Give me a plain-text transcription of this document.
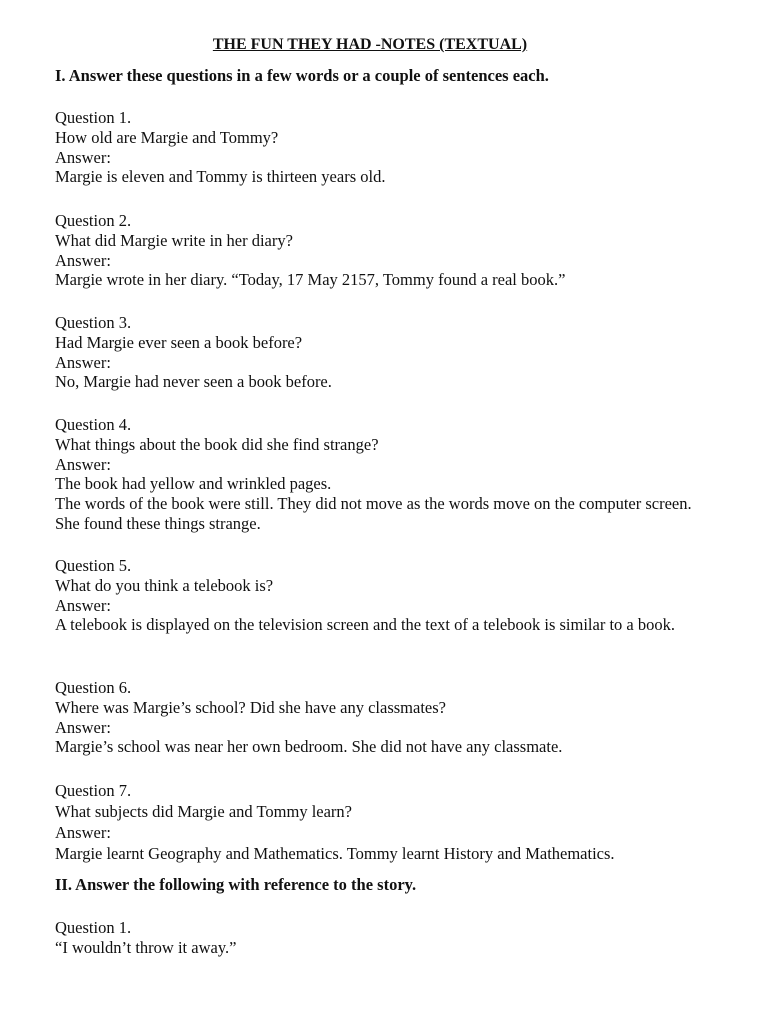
THE FUN THEY HAD -NOTES (TEXTUAL)
I. Answer these questions in a few words or a couple of sentences each.
Question 1.
How old are Margie and Tommy?
Answer:
Margie is eleven and Tommy is thirteen years old.
Question 2.
What did Margie write in her diary?
Answer:
Margie wrote in her diary. “Today, 17 May 2157, Tommy found a real book.”
Question 3.
Had Margie ever seen a book before?
Answer:
No, Margie had never seen a book before.
Question 4.
What things about the book did she find strange?
Answer:
The book had yellow and wrinkled pages.
The words of the book were still. They did not move as the words move on the computer screen. She found these things strange.
Question 5.
What do you think a telebook is?
Answer:
A telebook is displayed on the television screen and the text of a telebook is similar to a book.
Question 6.
Where was Margie’s school? Did she have any classmates?
Answer:
Margie’s school was near her own bedroom. She did not have any classmate.
Question 7.
What subjects did Margie and Tommy learn?
Answer:
Margie learnt Geography and Mathematics. Tommy learnt History and Mathematics.
II. Answer the following with reference to the story.
Question 1.
“I wouldn’t throw it away.”
